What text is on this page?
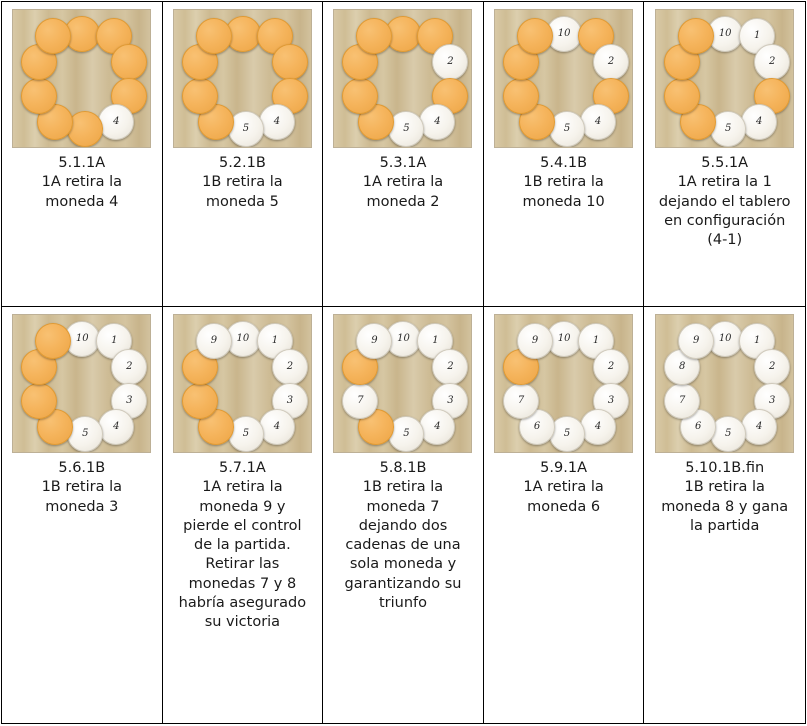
4
5.1.1A
1A retira la moneda 4
4
5
5.2.1B
1B retira la moneda 5
2
4
5
5.3.1A
1A retira la moneda 2
10
2
4
5
5.4.1B
1B retira la moneda 10
10	1
2
4
5
5.5.1A
1A retira la 1 dejando el tablero en configuración (4-1)
10	1
2
3
4
5
5.6.1B
1B retira la moneda 3
10	1
2
3
4
5
9
5.7.1A
1A retira la moneda 9 y pierde el control de la partida. Retirar las monedas 7 y 8 habría asegurado su victoria
10	1
2
3
4
5
7
9
5.8.1B
1B retira la moneda 7 dejando dos cadenas de una sola moneda y garantizando su triunfo
10	1
2
3
4
5
6
7
9
5.9.1A
1A retira la moneda 6
10	1
2
3
4
5
6
7
8
9
5.10.1B.fin
1B retira la moneda 8 y gana la partida
